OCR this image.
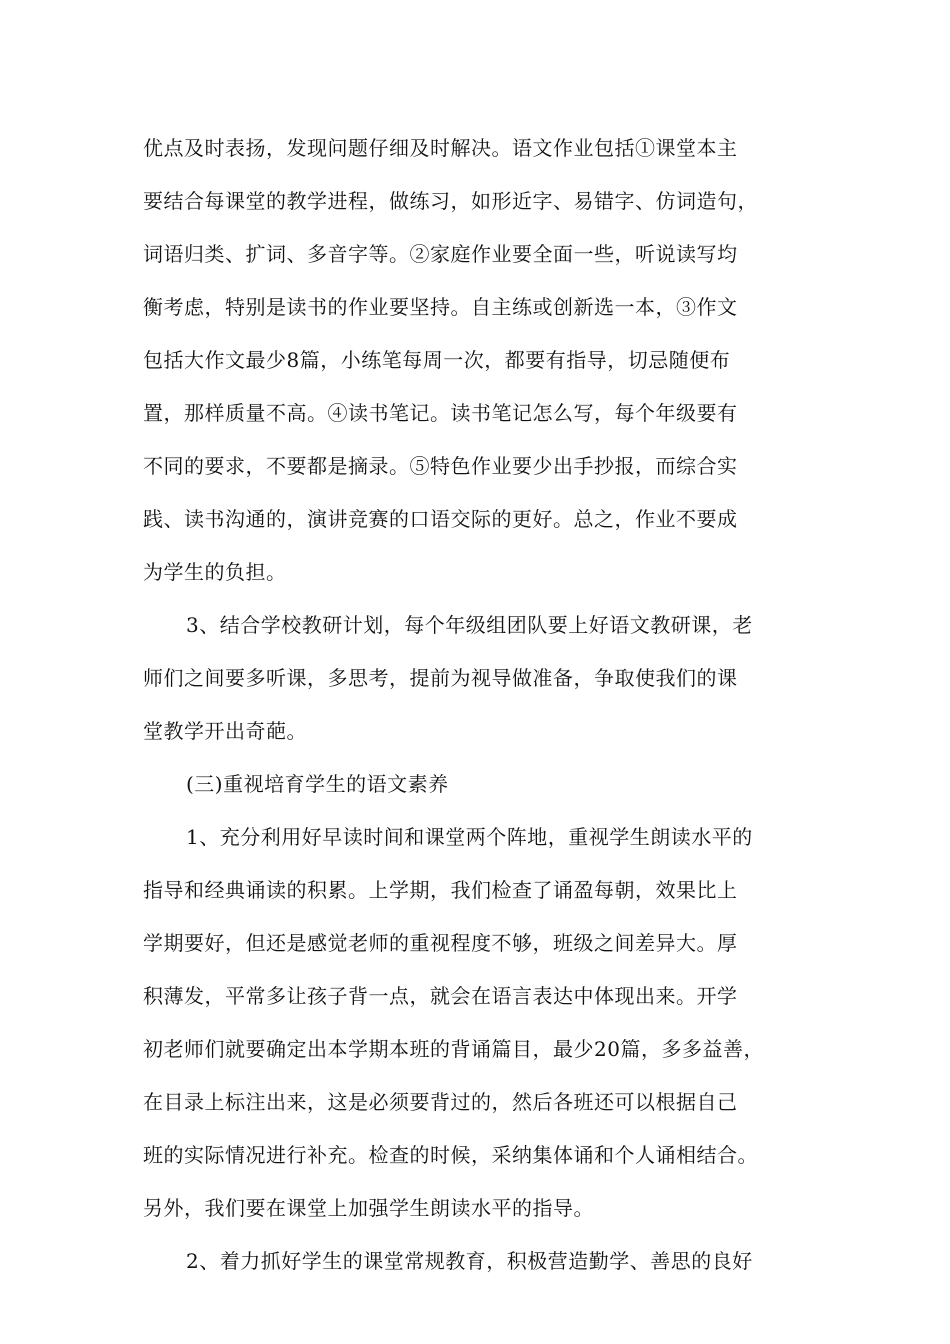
优点及时表扬，发现问题仔细及时解决。语文作业包括①课堂本主
要结合每课堂的教学进程，做练习，如形近字、易错字、仿词造句，
词语归类、扩词、多音字等。②家庭作业要全面一些，听说读写均
衡考虑，特别是读书的作业要坚持。自主练或创新选一本，③作文
包括大作文最少8篇，小练笔每周一次，都要有指导，切忌随便布
置，那样质量不高。④读书笔记。读书笔记怎么写，每个年级要有
不同的要求，不要都是摘录。⑤特色作业要少出手抄报，而综合实
践、读书沟通的，演讲竞赛的口语交际的更好。总之，作业不要成
为学生的负担。
3、结合学校教研计划，每个年级组团队要上好语文教研课，老
师们之间要多听课，多思考，提前为视导做准备，争取使我们的课
堂教学开出奇葩。
(三)重视培育学生的语文素养
1、充分利用好早读时间和课堂两个阵地，重视学生朗读水平的
指导和经典诵读的积累。上学期，我们检查了诵盈每朝，效果比上
学期要好，但还是感觉老师的重视程度不够，班级之间差异大。厚
积薄发，平常多让孩子背一点，就会在语言表达中体现出来。开学
初老师们就要确定出本学期本班的背诵篇目，最少20篇，多多益善，
在目录上标注出来，这是必须要背过的，然后各班还可以根据自己
班的实际情况进行补充。检查的时候，采纳集体诵和个人诵相结合。
另外，我们要在课堂上加强学生朗读水平的指导。
2、着力抓好学生的课堂常规教育，积极营造勤学、善思的良好
